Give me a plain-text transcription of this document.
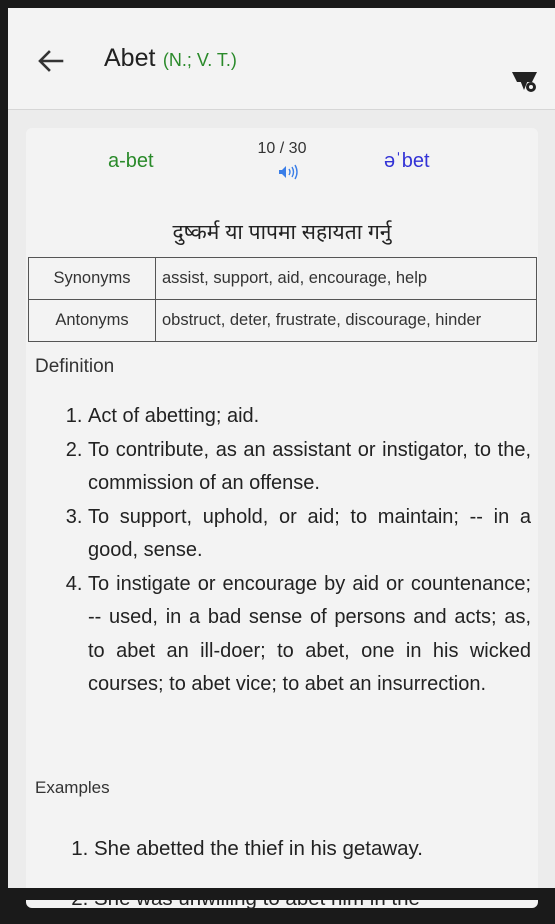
Abet (N.; V. T.)
a-bet
10 / 30
əˈbet
दुष्कर्म या पापमा सहायता गर्नु
Synonyms	assist, support, aid, encourage, help
Antonyms	obstruct, deter, frustrate, discourage, hinder
Definition
1. Act of abetting; aid.
2. To contribute, as an assistant or instigator, to the, commission of an offense.
3. To support, uphold, or aid; to maintain; -- in a good, sense.
4. To instigate or encourage by aid or countenance; -- used, in a bad sense of persons and acts; as, to abet an ill-doer; to abet, one in his wicked courses; to abet vice; to abet an insurrection.
Examples
1. She abetted the thief in his getaway.
2.
